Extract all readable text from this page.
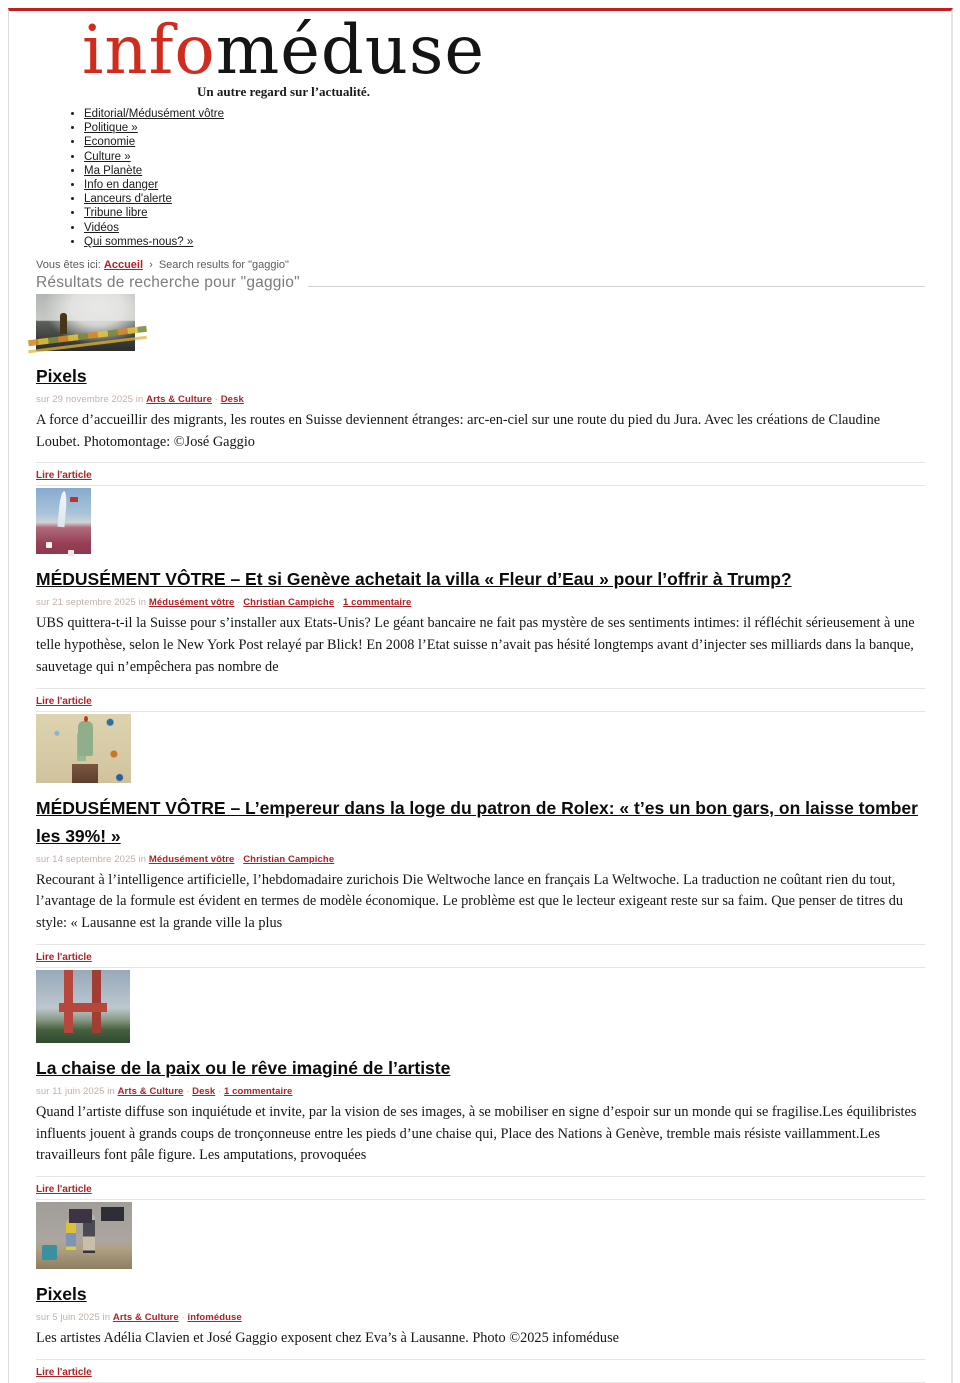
infoméduse
Un autre regard sur l’actualité.
• Editorial/Médusément vôtre
• Politique »
• Economie
• Culture »
• Ma Planète
• Info en danger
• Lanceurs d'alerte
• Tribune libre
• Vidéos
• Qui sommes-nous? »
Vous êtes ici: Accueil › Search results for "gaggio"
Résultats de recherche pour "gaggio"
Pixels
sur 29 novembre 2025 in Arts & Culture · Desk

A force d’accueillir des migrants, les routes en Suisse deviennent étranges: arc-en-ciel sur une route du pied du Jura. Avec les créations de Claudine Loubet. Photomontage: ©José Gaggio

Lire l'article
MÉDUSÉMENT VÔTRE – Et si Genève achetait la villa « Fleur d’Eau » pour l’offrir à Trump?
sur 21 septembre 2025 in Médusément vôtre · Christian Campiche · 1 commentaire

UBS quittera-t-il la Suisse pour s’installer aux Etats-Unis? Le géant bancaire ne fait pas mystère de ses sentiments intimes: il réfléchit sérieusement à une telle hypothèse, selon le New York Post relayé par Blick! En 2008 l’Etat suisse n’avait pas hésité longtemps avant d’injecter ses milliards dans la banque, sauvetage qui n’empêchera pas nombre de

Lire l'article
MÉDUSÉMENT VÔTRE – L’empereur dans la loge du patron de Rolex: « t’es un bon gars, on laisse tomber les 39%! »
sur 14 septembre 2025 in Médusément vôtre · Christian Campiche

Recourant à l’intelligence artificielle, l’hebdomadaire zurichois Die Weltwoche lance en français La Weltwoche. La traduction ne coûtant rien du tout, l’avantage de la formule est évident en termes de modèle économique. Le problème est que le lecteur exigeant reste sur sa faim. Que penser de titres du style: « Lausanne est la grande ville la plus

Lire l'article
La chaise de la paix ou le rêve imaginé de l’artiste
sur 11 juin 2025 in Arts & Culture · Desk · 1 commentaire

Quand l’artiste diffuse son inquiétude et invite, par la vision de ses images, à se mobiliser en signe d’espoir sur un monde qui se fragilise.Les équilibristes influents jouent à grands coups de tronçonneuse entre les pieds d’une chaise qui, Place des Nations à Genève, tremble mais résiste vaillamment.Les travailleurs font pâle figure. Les amputations, provoquées

Lire l'article
Pixels
sur 5 juin 2025 in Arts & Culture · infoméduse

Les artistes Adélia Clavien et José Gaggio exposent chez Eva’s à Lausanne. Photo ©2025 infoméduse

Lire l'article
